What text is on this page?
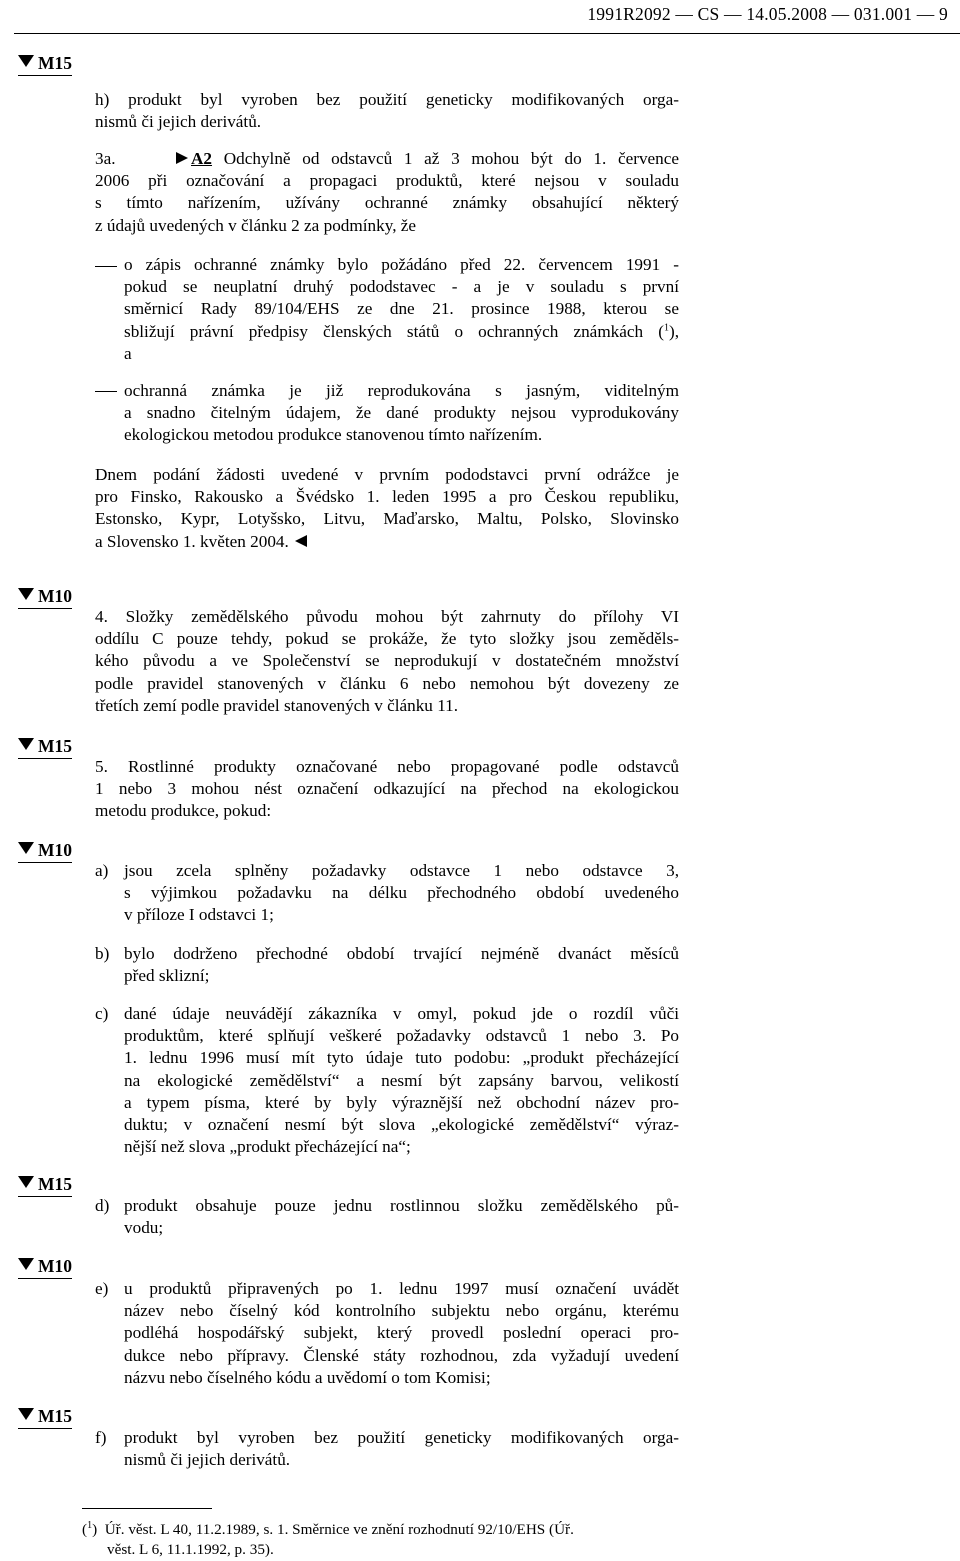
1991R2092 — CS — 14.05.2008 — 031.001 — 9
M15
M10
M15
M10
M15
M10
M15
h) produkt byl vyroben bez použití geneticky modifikovaných orga-
nismů či jejich derivátů.
3a.	A2 Odchylně od odstavců 1 až 3 mohou být do 1. července
2006 při označování a propagaci produktů, které nejsou v souladu
s tímto nařízením, užívány ochranné známky obsahující některý
z údajů uvedených v článku 2 za podmínky, že
o zápis ochranné známky bylo požádáno před 22. červencem 1991 -
pokud se neuplatní druhý pododstavec - a je v souladu s první
směrnicí Rady 89/104/EHS ze dne 21. prosince 1988, kterou se
sbližují právní předpisy členských států o ochranných známkách ($^1$),
a
ochranná známka je již reprodukována s jasným, viditelným
a snadno čitelným údajem, že dané produkty nejsou vyprodukovány
ekologickou metodou produkce stanovenou tímto nařízením.
Dnem podání žádosti uvedené v prvním pododstavci první odrážce je
pro Finsko, Rakousko a Švédsko 1. leden 1995 a pro Českou republiku,
Estonsko, Kypr, Lotyšsko, Litvu, Maďarsko, Maltu, Polsko, Slovinsko
a Slovensko 1. květen 2004.
4. Složky zemědělského původu mohou být zahrnuty do přílohy VI
oddílu C pouze tehdy, pokud se prokáže, že tyto složky jsou zeměděls-
kého původu a ve Společenství se neprodukují v dostatečném množství
podle pravidel stanovených v článku 6 nebo nemohou být dovezeny ze
třetích zemí podle pravidel stanovených v článku 11.
5. Rostlinné produkty označované nebo propagované podle odstavců
1 nebo 3 mohou nést označení odkazující na přechod na ekologickou
metodu produkce, pokud:
a) jsou zcela splněny požadavky odstavce 1 nebo odstavce 3,
s výjimkou požadavku na délku přechodného období uvedeného
v příloze I odstavci 1;
b) bylo dodrženo přechodné období trvající nejméně dvanáct měsíců
před sklizní;
c) dané údaje neuvádějí zákazníka v omyl, pokud jde o rozdíl vůči
produktům, které splňují veškeré požadavky odstavců 1 nebo 3. Po
1. lednu 1996 musí mít tyto údaje tuto podobu: „produkt přecházející
na ekologické zemědělství“ a nesmí být zapsány barvou, velikostí
a typem písma, které by byly výraznější než obchodní název pro-
duktu; v označení nesmí být slova „ekologické zemědělství“ výraz-
nější než slova „produkt přecházející na“;
d) produkt obsahuje pouze jednu rostlinnou složku zemědělského pů-
vodu;
e) u produktů připravených po 1. lednu 1997 musí označení uvádět
název nebo číselný kód kontrolního subjektu nebo orgánu, kterému
podléhá hospodářský subjekt, který provedl poslední operaci pro-
dukce nebo přípravy. Členské státy rozhodnou, zda vyžadují uvedení
názvu nebo číselného kódu a uvědomí o tom Komisi;
f)	produkt byl vyroben bez použití geneticky modifikovaných orga-
nismů či jejich derivátů.
($^1$)  Úř. věst. L 40, 11.2.1989, s. 1. Směrnice ve znění rozhodnutí 92/10/EHS (Úř.
věst. L 6, 11.1.1992, p. 35).
